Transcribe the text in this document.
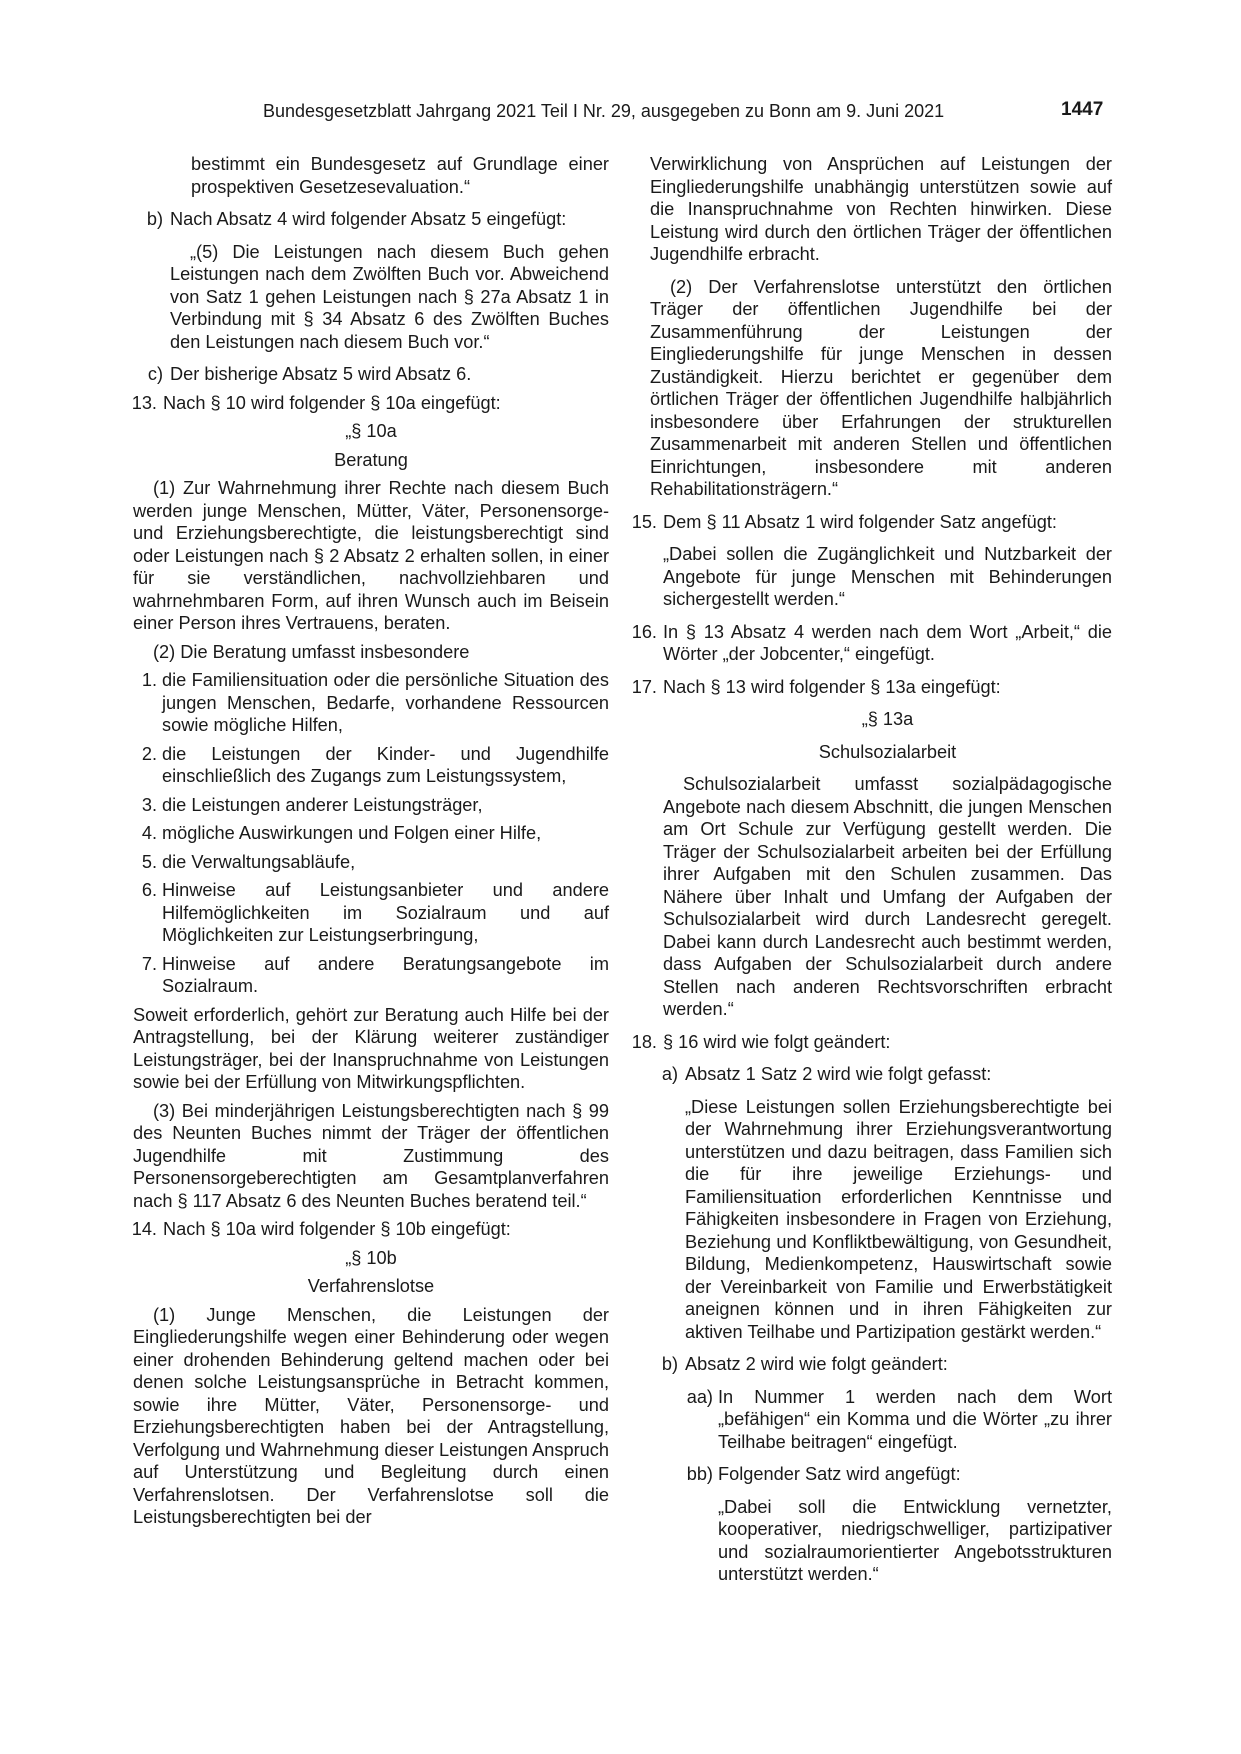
Bundesgesetzblatt Jahrgang 2021 Teil I Nr. 29, ausgegeben zu Bonn am 9. Juni 2021	1447

bestimmt ein Bundesgesetz auf Grundlage einer prospektiven Gesetzesevaluation.“

b) Nach Absatz 4 wird folgender Absatz 5 eingefügt:

„(5) Die Leistungen nach diesem Buch gehen Leistungen nach dem Zwölften Buch vor. Abweichend von Satz 1 gehen Leistungen nach § 27a Absatz 1 in Verbindung mit § 34 Absatz 6 des Zwölften Buches den Leistungen nach diesem Buch vor.“

c) Der bisherige Absatz 5 wird Absatz 6.

13. Nach § 10 wird folgender § 10a eingefügt:

„§ 10a

Beratung

(1) Zur Wahrnehmung ihrer Rechte nach diesem Buch werden junge Menschen, Mütter, Väter, Personensorge- und Erziehungsberechtigte, die leistungsberechtigt sind oder Leistungen nach § 2 Absatz 2 erhalten sollen, in einer für sie verständlichen, nachvollziehbaren und wahrnehmbaren Form, auf ihren Wunsch auch im Beisein einer Person ihres Vertrauens, beraten.

(2) Die Beratung umfasst insbesondere

1. die Familiensituation oder die persönliche Situation des jungen Menschen, Bedarfe, vorhandene Ressourcen sowie mögliche Hilfen,

2. die Leistungen der Kinder- und Jugendhilfe einschließlich des Zugangs zum Leistungssystem,

3. die Leistungen anderer Leistungsträger,

4. mögliche Auswirkungen und Folgen einer Hilfe,

5. die Verwaltungsabläufe,

6. Hinweise auf Leistungsanbieter und andere Hilfemöglichkeiten im Sozialraum und auf Möglichkeiten zur Leistungserbringung,

7. Hinweise auf andere Beratungsangebote im Sozialraum.

Soweit erforderlich, gehört zur Beratung auch Hilfe bei der Antragstellung, bei der Klärung weiterer zuständiger Leistungsträger, bei der Inanspruchnahme von Leistungen sowie bei der Erfüllung von Mitwirkungspflichten.

(3) Bei minderjährigen Leistungsberechtigten nach § 99 des Neunten Buches nimmt der Träger der öffentlichen Jugendhilfe mit Zustimmung des Personensorgeberechtigten am Gesamtplanverfahren nach § 117 Absatz 6 des Neunten Buches beratend teil.“

14. Nach § 10a wird folgender § 10b eingefügt:

„§ 10b

Verfahrenslotse

(1) Junge Menschen, die Leistungen der Eingliederungshilfe wegen einer Behinderung oder wegen einer drohenden Behinderung geltend machen oder bei denen solche Leistungsansprüche in Betracht kommen, sowie ihre Mütter, Väter, Personensorge- und Erziehungsberechtigten haben bei der Antragstellung, Verfolgung und Wahrnehmung dieser Leistungen Anspruch auf Unterstützung und Begleitung durch einen Verfahrenslotsen. Der Verfahrenslotse soll die Leistungsberechtigten bei der

Verwirklichung von Ansprüchen auf Leistungen der Eingliederungshilfe unabhängig unterstützen sowie auf die Inanspruchnahme von Rechten hinwirken. Diese Leistung wird durch den örtlichen Träger der öffentlichen Jugendhilfe erbracht.

(2) Der Verfahrenslotse unterstützt den örtlichen Träger der öffentlichen Jugendhilfe bei der Zusammenführung der Leistungen der Eingliederungshilfe für junge Menschen in dessen Zuständigkeit. Hierzu berichtet er gegenüber dem örtlichen Träger der öffentlichen Jugendhilfe halbjährlich insbesondere über Erfahrungen der strukturellen Zusammenarbeit mit anderen Stellen und öffentlichen Einrichtungen, insbesondere mit anderen Rehabilitationsträgern.“

15. Dem § 11 Absatz 1 wird folgender Satz angefügt:

„Dabei sollen die Zugänglichkeit und Nutzbarkeit der Angebote für junge Menschen mit Behinderungen sichergestellt werden.“

16. In § 13 Absatz 4 werden nach dem Wort „Arbeit,“ die Wörter „der Jobcenter,“ eingefügt.

17. Nach § 13 wird folgender § 13a eingefügt:

„§ 13a

Schulsozialarbeit

Schulsozialarbeit umfasst sozialpädagogische Angebote nach diesem Abschnitt, die jungen Menschen am Ort Schule zur Verfügung gestellt werden. Die Träger der Schulsozialarbeit arbeiten bei der Erfüllung ihrer Aufgaben mit den Schulen zusammen. Das Nähere über Inhalt und Umfang der Aufgaben der Schulsozialarbeit wird durch Landesrecht geregelt. Dabei kann durch Landesrecht auch bestimmt werden, dass Aufgaben der Schulsozialarbeit durch andere Stellen nach anderen Rechtsvorschriften erbracht werden.“

18. § 16 wird wie folgt geändert:

a) Absatz 1 Satz 2 wird wie folgt gefasst:

„Diese Leistungen sollen Erziehungsberechtigte bei der Wahrnehmung ihrer Erziehungsverantwortung unterstützen und dazu beitragen, dass Familien sich die für ihre jeweilige Erziehungs- und Familiensituation erforderlichen Kenntnisse und Fähigkeiten insbesondere in Fragen von Erziehung, Beziehung und Konfliktbewältigung, von Gesundheit, Bildung, Medienkompetenz, Hauswirtschaft sowie der Vereinbarkeit von Familie und Erwerbstätigkeit aneignen können und in ihren Fähigkeiten zur aktiven Teilhabe und Partizipation gestärkt werden.“

b) Absatz 2 wird wie folgt geändert:

aa) In Nummer 1 werden nach dem Wort „befähigen“ ein Komma und die Wörter „zu ihrer Teilhabe beitragen“ eingefügt.

bb) Folgender Satz wird angefügt:

„Dabei soll die Entwicklung vernetzter, kooperativer, niedrigschwelliger, partizipativer und sozialraumorientierter Angebotsstrukturen unterstützt werden.“
